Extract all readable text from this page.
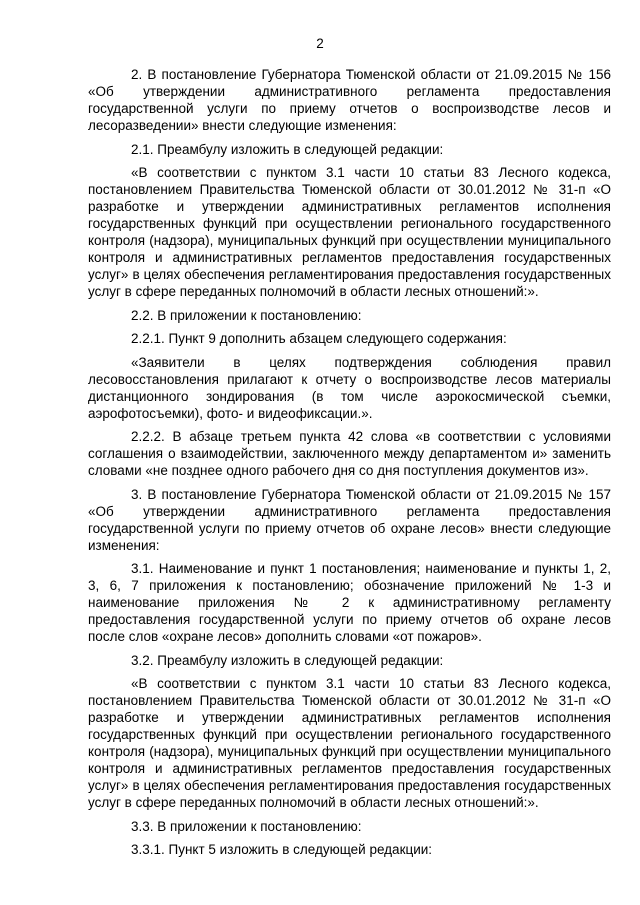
2

2. В постановление Губернатора Тюменской области от 21.09.2015 № 156 «Об утверждении административного регламента предоставления государственной услуги по приему отчетов о воспроизводстве лесов и лесоразведении» внести следующие изменения:

2.1. Преамбулу изложить в следующей редакции:

«В соответствии с пунктом 3.1 части 10 статьи 83 Лесного кодекса, постановлением Правительства Тюменской области от 30.01.2012 № 31-п «О разработке и утверждении административных регламентов исполнения государственных функций при осуществлении регионального государственного контроля (надзора), муниципальных функций при осуществлении муниципального контроля и административных регламентов предоставления государственных услуг» в целях обеспечения регламентирования предоставления государственных услуг в сфере переданных полномочий в области лесных отношений:».

2.2. В приложении к постановлению:

2.2.1. Пункт 9 дополнить абзацем следующего содержания:

«Заявители в целях подтверждения соблюдения правил лесовосстановления прилагают к отчету о воспроизводстве лесов материалы дистанционного зондирования (в том числе аэрокосмической съемки, аэрофотосъемки), фото- и видеофиксации.».

2.2.2. В абзаце третьем пункта 42 слова «в соответствии с условиями соглашения о взаимодействии, заключенного между департаментом и» заменить словами «не позднее одного рабочего дня со дня поступления документов из».

3. В постановление Губернатора Тюменской области от 21.09.2015 № 157 «Об утверждении административного регламента предоставления государственной услуги по приему отчетов об охране лесов» внести следующие изменения:

3.1. Наименование и пункт 1 постановления; наименование и пункты 1, 2, 3, 6, 7 приложения к постановлению; обозначение приложений № 1-3 и наименование приложения № 2 к административному регламенту предоставления государственной услуги по приему отчетов об охране лесов после слов «охране лесов» дополнить словами «от пожаров».

3.2. Преамбулу изложить в следующей редакции:

«В соответствии с пунктом 3.1 части 10 статьи 83 Лесного кодекса, постановлением Правительства Тюменской области от 30.01.2012 № 31-п «О разработке и утверждении административных регламентов исполнения государственных функций при осуществлении регионального государственного контроля (надзора), муниципальных функций при осуществлении муниципального контроля и административных регламентов предоставления государственных услуг» в целях обеспечения регламентирования предоставления государственных услуг в сфере переданных полномочий в области лесных отношений:».

3.3. В приложении к постановлению:

3.3.1. Пункт 5 изложить в следующей редакции:
